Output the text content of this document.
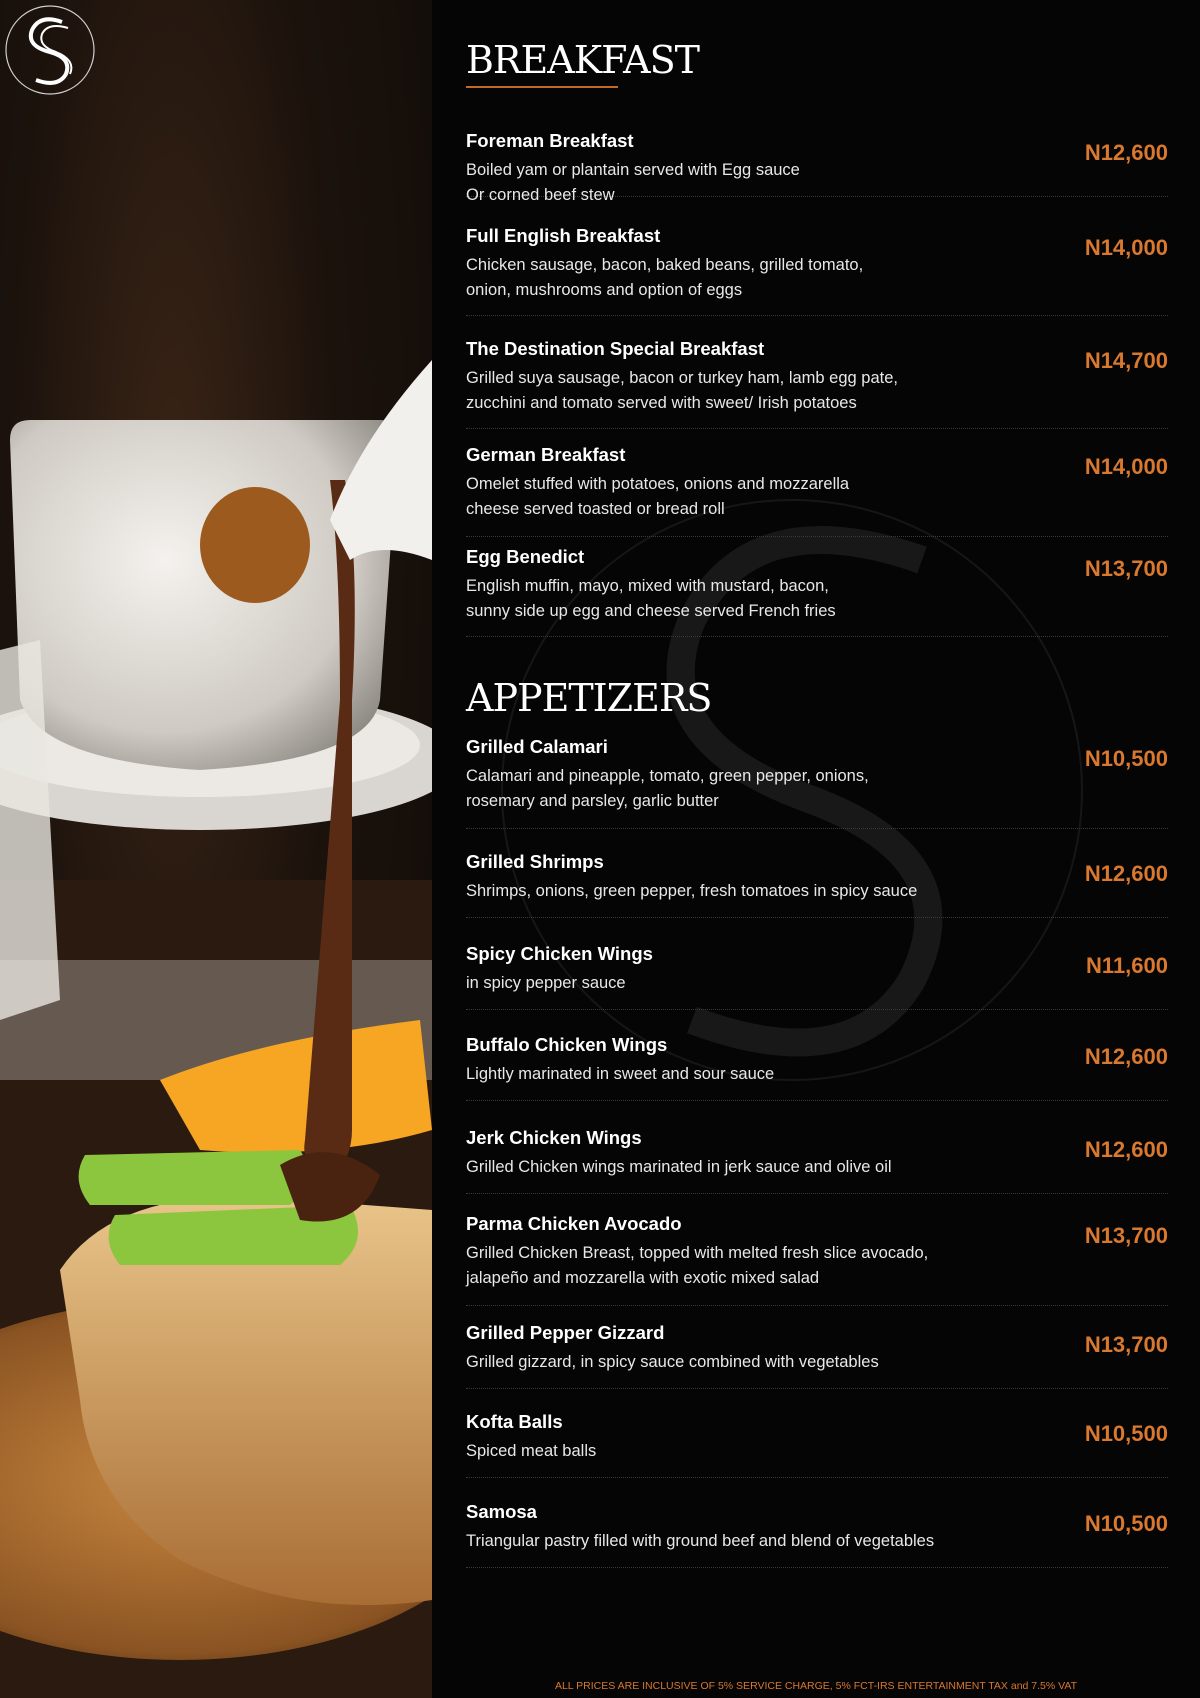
BREAKFAST
Foreman Breakfast
Boiled yam or plantain served with Egg sauce
Or corned beef stew
N12,600
Full English Breakfast
Chicken sausage, bacon, baked beans, grilled tomato,
onion, mushrooms and option of eggs
N14,000
The Destination Special Breakfast
Grilled suya sausage, bacon or turkey ham, lamb egg pate,
zucchini and tomato served with sweet/ Irish potatoes
N14,700
German Breakfast
Omelet stuffed with potatoes, onions and mozzarella
cheese served toasted or bread roll
N14,000
Egg Benedict
English muffin, mayo, mixed with mustard, bacon,
sunny side up egg and cheese served French fries
N13,700
APPETIZERS
Grilled Calamari
Calamari and pineapple, tomato, green pepper, onions,
rosemary and parsley, garlic butter
N10,500
Grilled Shrimps
Shrimps, onions, green pepper, fresh tomatoes in spicy sauce
N12,600
Spicy Chicken Wings
in spicy pepper sauce
N11,600
Buffalo Chicken Wings
Lightly marinated in sweet and sour sauce
N12,600
Jerk Chicken Wings
Grilled Chicken wings marinated in jerk sauce and olive oil
N12,600
Parma Chicken Avocado
Grilled Chicken Breast, topped with melted fresh slice avocado,
jalapeño and mozzarella with exotic mixed salad
N13,700
Grilled Pepper Gizzard
Grilled gizzard, in spicy sauce combined with vegetables
N13,700
Kofta Balls
Spiced meat balls
N10,500
Samosa
Triangular pastry filled with ground beef and blend of vegetables
N10,500
ALL PRICES ARE INCLUSIVE OF 5% SERVICE CHARGE, 5% FCT-IRS ENTERTAINMENT TAX and 7.5% VAT
